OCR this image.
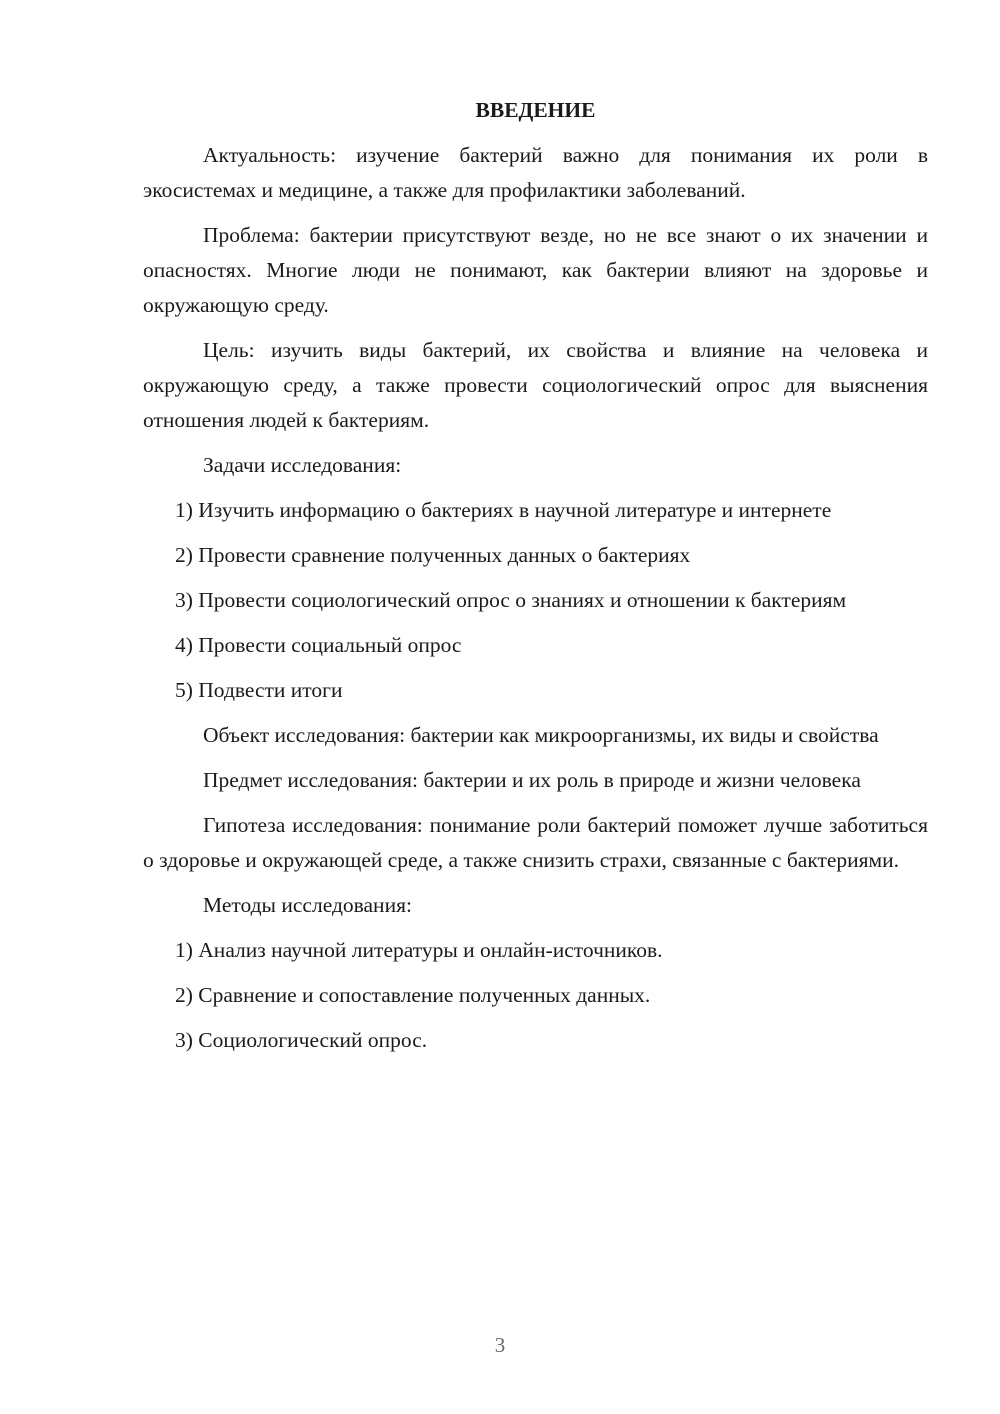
ВВЕДЕНИЕ

Актуальность: изучение бактерий важно для понимания их роли в экосистемах и медицине, а также для профилактики заболеваний.

Проблема: бактерии присутствуют везде, но не все знают о их значении и опасностях. Многие люди не понимают, как бактерии влияют на здоровье и окружающую среду.

Цель: изучить виды бактерий, их свойства и влияние на человека и окружающую среду, а также провести социологический опрос для выяснения отношения людей к бактериям.

Задачи исследования:

1) Изучить информацию о бактериях в научной литературе и интернете

2) Провести сравнение полученных данных о бактериях

3) Провести социологический опрос о знаниях и отношении к бактериям

4) Провести социальный опрос

5) Подвести итоги

Объект исследования: бактерии как микроорганизмы, их виды и свойства

Предмет исследования: бактерии и их роль в природе и жизни человека

Гипотеза исследования: понимание роли бактерий поможет лучше заботиться о здоровье и окружающей среде, а также снизить страхи, связанные с бактериями.

Методы исследования:

1) Анализ научной литературы и онлайн-источников.

2) Сравнение и сопоставление полученных данных.

3) Социологический опрос.

3
